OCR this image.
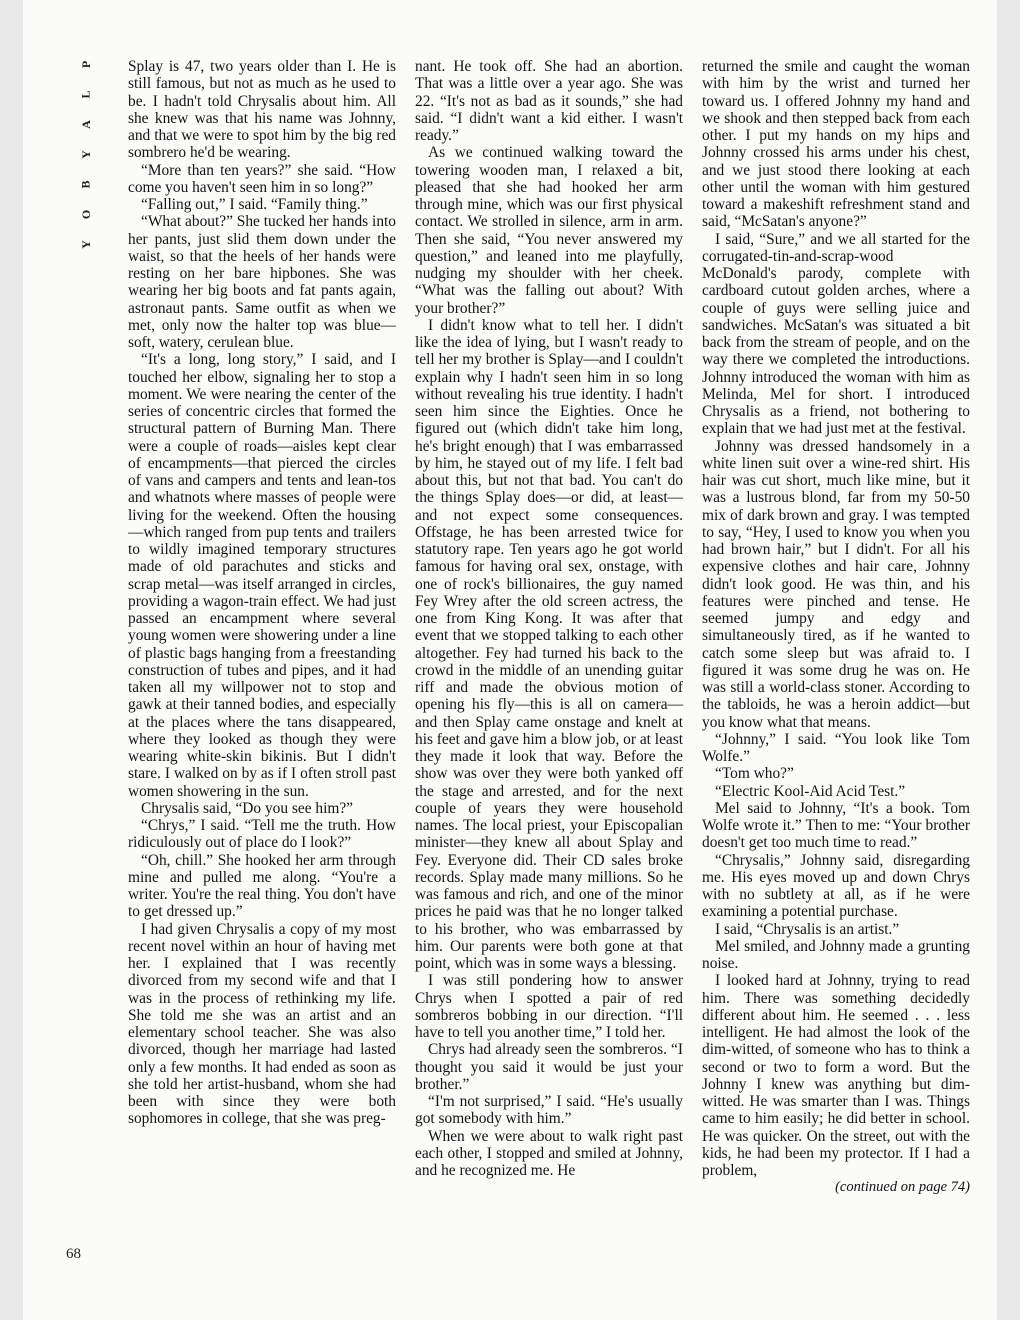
P
L
A
Y
B
O
Y

Splay is 47, two years older than I. He is still famous, but not as much as he used to be. I hadn't told Chrysalis about him. All she knew was that his name was Johnny, and that we were to spot him by the big red sombrero he'd be wearing.

“More than ten years?” she said. “How come you haven't seen him in so long?”

“Falling out,” I said. “Family thing.”

“What about?” She tucked her hands into her pants, just slid them down under the waist, so that the heels of her hands were resting on her bare hipbones. She was wearing her big boots and fat pants again, astronaut pants. Same outfit as when we met, only now the halter top was blue—soft, watery, cerulean blue.

“It's a long, long story,” I said, and I touched her elbow, signaling her to stop a moment. We were nearing the center of the series of concentric circles that formed the structural pattern of Burning Man. There were a couple of roads—aisles kept clear of encampments—that pierced the circles of vans and campers and tents and lean-tos and whatnots where masses of people were living for the weekend. Often the housing—which ranged from pup tents and trailers to wildly imagined temporary structures made of old parachutes and sticks and scrap metal—was itself arranged in circles, providing a wagon-train effect. We had just passed an encampment where several young women were showering under a line of plastic bags hanging from a freestanding construction of tubes and pipes, and it had taken all my willpower not to stop and gawk at their tanned bodies, and especially at the places where the tans disappeared, where they looked as though they were wearing white-skin bikinis. But I didn't stare. I walked on by as if I often stroll past women showering in the sun.

Chrysalis said, “Do you see him?”

“Chrys,” I said. “Tell me the truth. How ridiculously out of place do I look?”

“Oh, chill.” She hooked her arm through mine and pulled me along. “You're a writer. You're the real thing. You don't have to get dressed up.”

I had given Chrysalis a copy of my most recent novel within an hour of having met her. I explained that I was recently divorced from my second wife and that I was in the process of rethinking my life. She told me she was an artist and an elementary school teacher. She was also divorced, though her marriage had lasted only a few months. It had ended as soon as she told her artist-husband, whom she had been with since they were both sophomores in college, that she was preg-

nant. He took off. She had an abortion. That was a little over a year ago. She was 22. “It's not as bad as it sounds,” she had said. “I didn't want a kid either. I wasn't ready.”

As we continued walking toward the towering wooden man, I relaxed a bit, pleased that she had hooked her arm through mine, which was our first physical contact. We strolled in silence, arm in arm. Then she said, “You never answered my question,” and leaned into me playfully, nudging my shoulder with her cheek. “What was the falling out about? With your brother?”

I didn't know what to tell her. I didn't like the idea of lying, but I wasn't ready to tell her my brother is Splay—and I couldn't explain why I hadn't seen him in so long without revealing his true identity. I hadn't seen him since the Eighties. Once he figured out (which didn't take him long, he's bright enough) that I was embarrassed by him, he stayed out of my life. I felt bad about this, but not that bad. You can't do the things Splay does—or did, at least—and not expect some consequences. Offstage, he has been arrested twice for statutory rape. Ten years ago he got world famous for having oral sex, onstage, with one of rock's billionaires, the guy named Fey Wrey after the old screen actress, the one from King Kong. It was after that event that we stopped talking to each other altogether. Fey had turned his back to the crowd in the middle of an unending guitar riff and made the obvious motion of opening his fly—this is all on camera—and then Splay came onstage and knelt at his feet and gave him a blow job, or at least they made it look that way. Before the show was over they were both yanked off the stage and arrested, and for the next couple of years they were household names. The local priest, your Episcopalian minister—they knew all about Splay and Fey. Everyone did. Their CD sales broke records. Splay made many millions. So he was famous and rich, and one of the minor prices he paid was that he no longer talked to his brother, who was embarrassed by him. Our parents were both gone at that point, which was in some ways a blessing.

I was still pondering how to answer Chrys when I spotted a pair of red sombreros bobbing in our direction. “I'll have to tell you another time,” I told her.

Chrys had already seen the sombreros. “I thought you said it would be just your brother.”

“I'm not surprised,” I said. “He's usually got somebody with him.”

When we were about to walk right past each other, I stopped and smiled at Johnny, and he recognized me. He

returned the smile and caught the woman with him by the wrist and turned her toward us. I offered Johnny my hand and we shook and then stepped back from each other. I put my hands on my hips and Johnny crossed his arms under his chest, and we just stood there looking at each other until the woman with him gestured toward a makeshift refreshment stand and said, “McSatan's anyone?”

I said, “Sure,” and we all started for the corrugated-tin-and-scrap-wood McDonald's parody, complete with cardboard cutout golden arches, where a couple of guys were selling juice and sandwiches. McSatan's was situated a bit back from the stream of people, and on the way there we completed the introductions. Johnny introduced the woman with him as Melinda, Mel for short. I introduced Chrysalis as a friend, not bothering to explain that we had just met at the festival.

Johnny was dressed handsomely in a white linen suit over a wine-red shirt. His hair was cut short, much like mine, but it was a lustrous blond, far from my 50-50 mix of dark brown and gray. I was tempted to say, “Hey, I used to know you when you had brown hair,” but I didn't. For all his expensive clothes and hair care, Johnny didn't look good. He was thin, and his features were pinched and tense. He seemed jumpy and edgy and simultaneously tired, as if he wanted to catch some sleep but was afraid to. I figured it was some drug he was on. He was still a world-class stoner. According to the tabloids, he was a heroin addict—but you know what that means.

“Johnny,” I said. “You look like Tom Wolfe.”

“Tom who?”

“Electric Kool-Aid Acid Test.”

Mel said to Johnny, “It's a book. Tom Wolfe wrote it.” Then to me: “Your brother doesn't get too much time to read.”

“Chrysalis,” Johnny said, disregarding me. His eyes moved up and down Chrys with no subtlety at all, as if he were examining a potential purchase.

I said, “Chrysalis is an artist.”

Mel smiled, and Johnny made a grunting noise.

I looked hard at Johnny, trying to read him. There was something decidedly different about him. He seemed . . . less intelligent. He had almost the look of the dim-witted, of someone who has to think a second or two to form a word. But the Johnny I knew was anything but dim-witted. He was smarter than I was. Things came to him easily; he did better in school. He was quicker. On the street, out with the kids, he had been my protector. If I had a problem,

(continued on page 74)
68
